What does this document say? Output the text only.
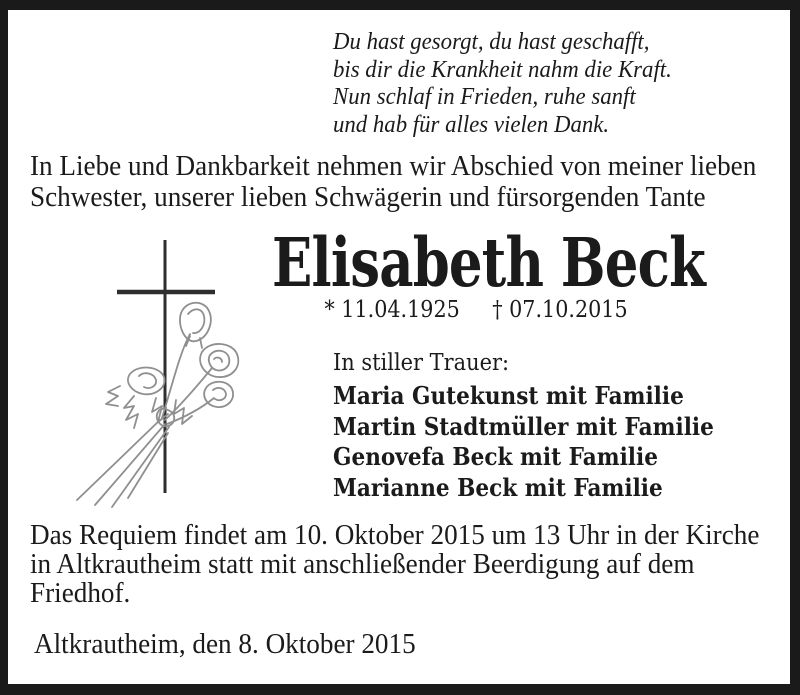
Du hast gesorgt, du hast geschafft,
bis dir die Krankheit nahm die Kraft.
Nun schlaf in Frieden, ruhe sanft
und hab für alles vielen Dank.
In Liebe und Dankbarkeit nehmen wir Abschied von meiner lieben
Schwester, unserer lieben Schwägerin und fürsorgenden Tante
Elisabeth Beck
* 11.04.1925 † 07.10.2015
In stiller Trauer:
Maria Gutekunst mit Familie
Martin Stadtmüller mit Familie
Genovefa Beck mit Familie
Marianne Beck mit Familie
Das Requiem findet am 10. Oktober 2015 um 13 Uhr in der Kirche
in Altkrautheim statt mit anschließender Beerdigung auf dem
Friedhof.
Altkrautheim, den 8. Oktober 2015
